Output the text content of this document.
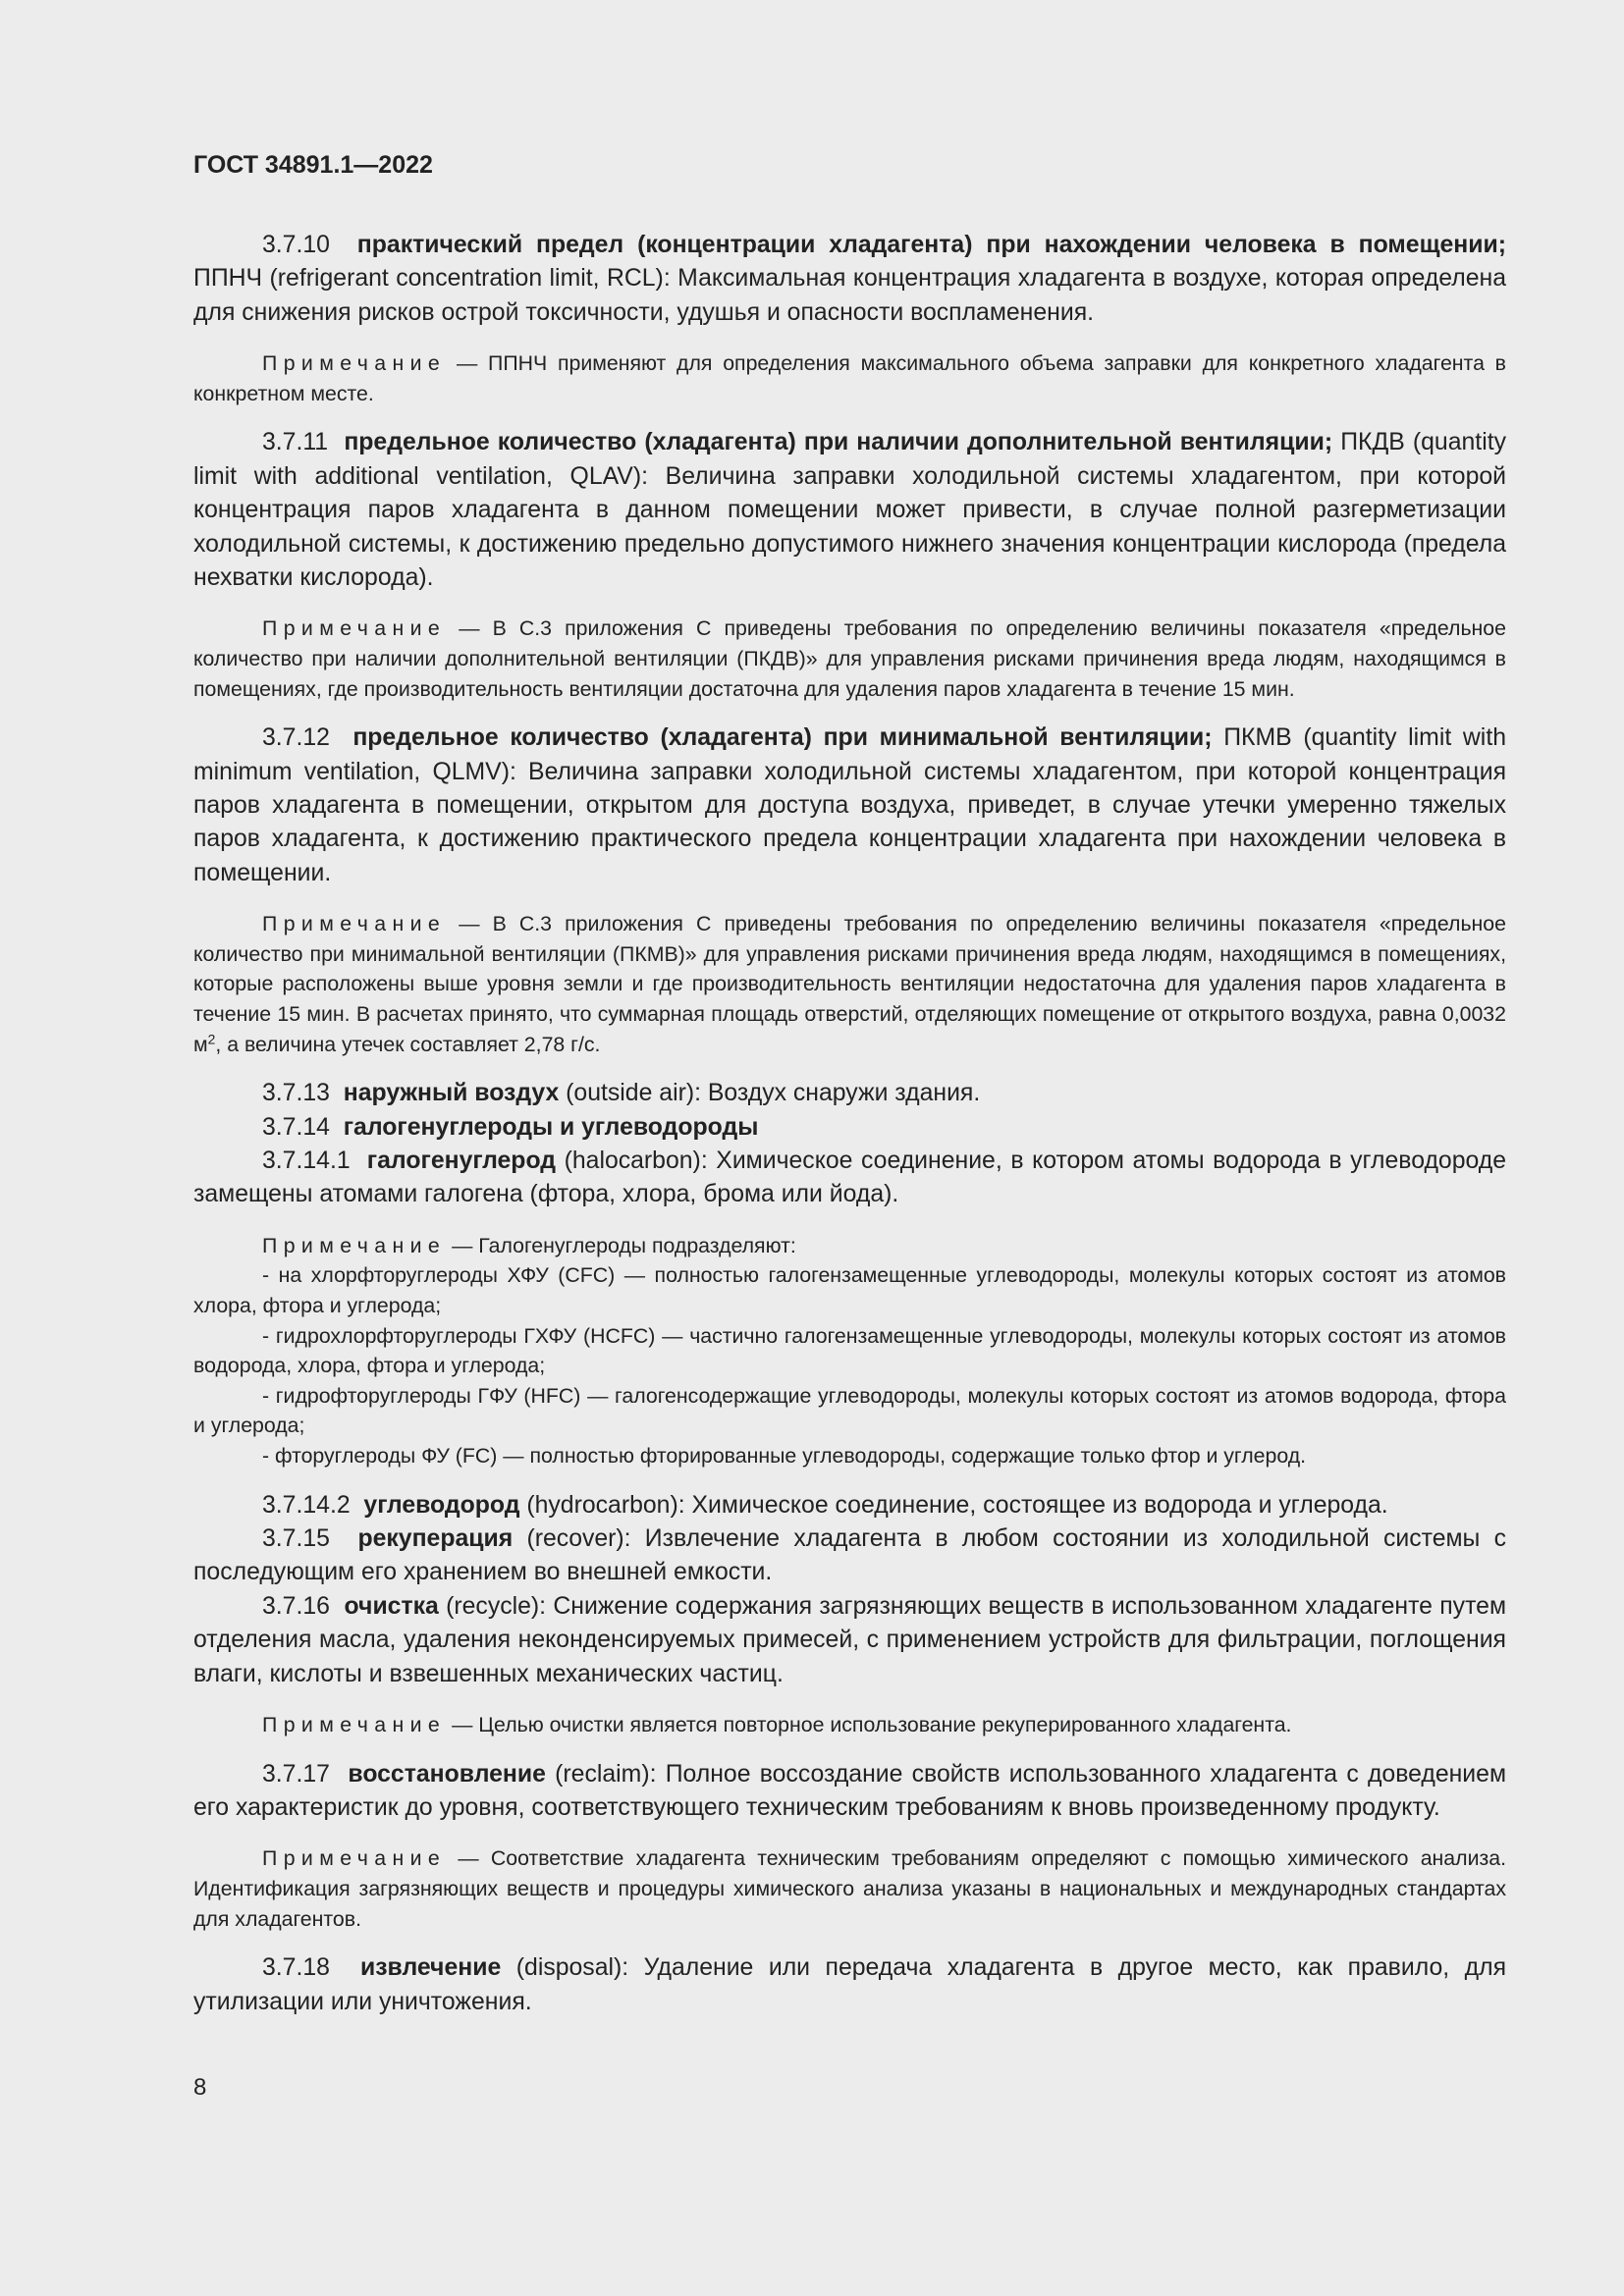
ГОСТ 34891.1—2022

3.7.10 практический предел (концентрации хладагента) при нахождении человека в помещении; ППНЧ (refrigerant concentration limit, RCL): Максимальная концентрация хладагента в воздухе, которая определена для снижения рисков острой токсичности, удушья и опасности воспламенения.

Примечание — ППНЧ применяют для определения максимального объема заправки для конкретного хладагента в конкретном месте.

3.7.11 предельное количество (хладагента) при наличии дополнительной вентиляции; ПКДВ (quantity limit with additional ventilation, QLAV): Величина заправки холодильной системы хладагентом, при которой концентрация паров хладагента в данном помещении может привести, в случае полной разгерметизации холодильной системы, к достижению предельно допустимого нижнего значения концентрации кислорода (предела нехватки кислорода).

Примечание — В С.3 приложения С приведены требования по определению величины показателя «предельное количество при наличии дополнительной вентиляции (ПКДВ)» для управления рисками причинения вреда людям, находящимся в помещениях, где производительность вентиляции достаточна для удаления паров хладагента в течение 15 мин.

3.7.12 предельное количество (хладагента) при минимальной вентиляции; ПКМВ (quantity limit with minimum ventilation, QLMV): Величина заправки холодильной системы хладагентом, при которой концентрация паров хладагента в помещении, открытом для доступа воздуха, приведет, в случае утечки умеренно тяжелых паров хладагента, к достижению практического предела концентрации хладагента при нахождении человека в помещении.

Примечание — В С.3 приложения С приведены требования по определению величины показателя «предельное количество при минимальной вентиляции (ПКМВ)» для управления рисками причинения вреда людям, находящимся в помещениях, которые расположены выше уровня земли и где производительность вентиляции недостаточна для удаления паров хладагента в течение 15 мин. В расчетах принято, что суммарная площадь отверстий, отделяющих помещение от открытого воздуха, равна 0,0032 $м^2$, а величина утечек составляет 2,78 г/с.

3.7.13 наружный воздух (outside air): Воздух снаружи здания.

3.7.14 галогенуглероды и углеводороды

3.7.14.1 галогенуглерод (halocarbon): Химическое соединение, в котором атомы водорода в углеводороде замещены атомами галогена (фтора, хлора, брома или йода).

Примечание — Галогенуглероды подразделяют:

- на хлорфторуглероды ХФУ (CFC) — полностью галогензамещенные углеводороды, молекулы которых состоят из атомов хлора, фтора и углерода;

- гидрохлорфторуглероды ГХФУ (HCFC) — частично галогензамещенные углеводороды, молекулы которых состоят из атомов водорода, хлора, фтора и углерода;

- гидрофторуглероды ГФУ (HFC) — галогенсодержащие углеводороды, молекулы которых состоят из атомов водорода, фтора и углерода;

- фторуглероды ФУ (FC) — полностью фторированные углеводороды, содержащие только фтор и углерод.

3.7.14.2 углеводород (hydrocarbon): Химическое соединение, состоящее из водорода и углерода.

3.7.15 рекуперация (recover): Извлечение хладагента в любом состоянии из холодильной системы с последующим его хранением во внешней емкости.

3.7.16 очистка (recycle): Снижение содержания загрязняющих веществ в использованном хладагенте путем отделения масла, удаления неконденсируемых примесей, с применением устройств для фильтрации, поглощения влаги, кислоты и взвешенных механических частиц.

Примечание — Целью очистки является повторное использование рекуперированного хладагента.

3.7.17 восстановление (reclaim): Полное воссоздание свойств использованного хладагента с доведением его характеристик до уровня, соответствующего техническим требованиям к вновь произведенному продукту.

Примечание — Соответствие хладагента техническим требованиям определяют с помощью химического анализа. Идентификация загрязняющих веществ и процедуры химического анализа указаны в национальных и международных стандартах для хладагентов.

3.7.18 извлечение (disposal): Удаление или передача хладагента в другое место, как правило, для утилизации или уничтожения.

8
